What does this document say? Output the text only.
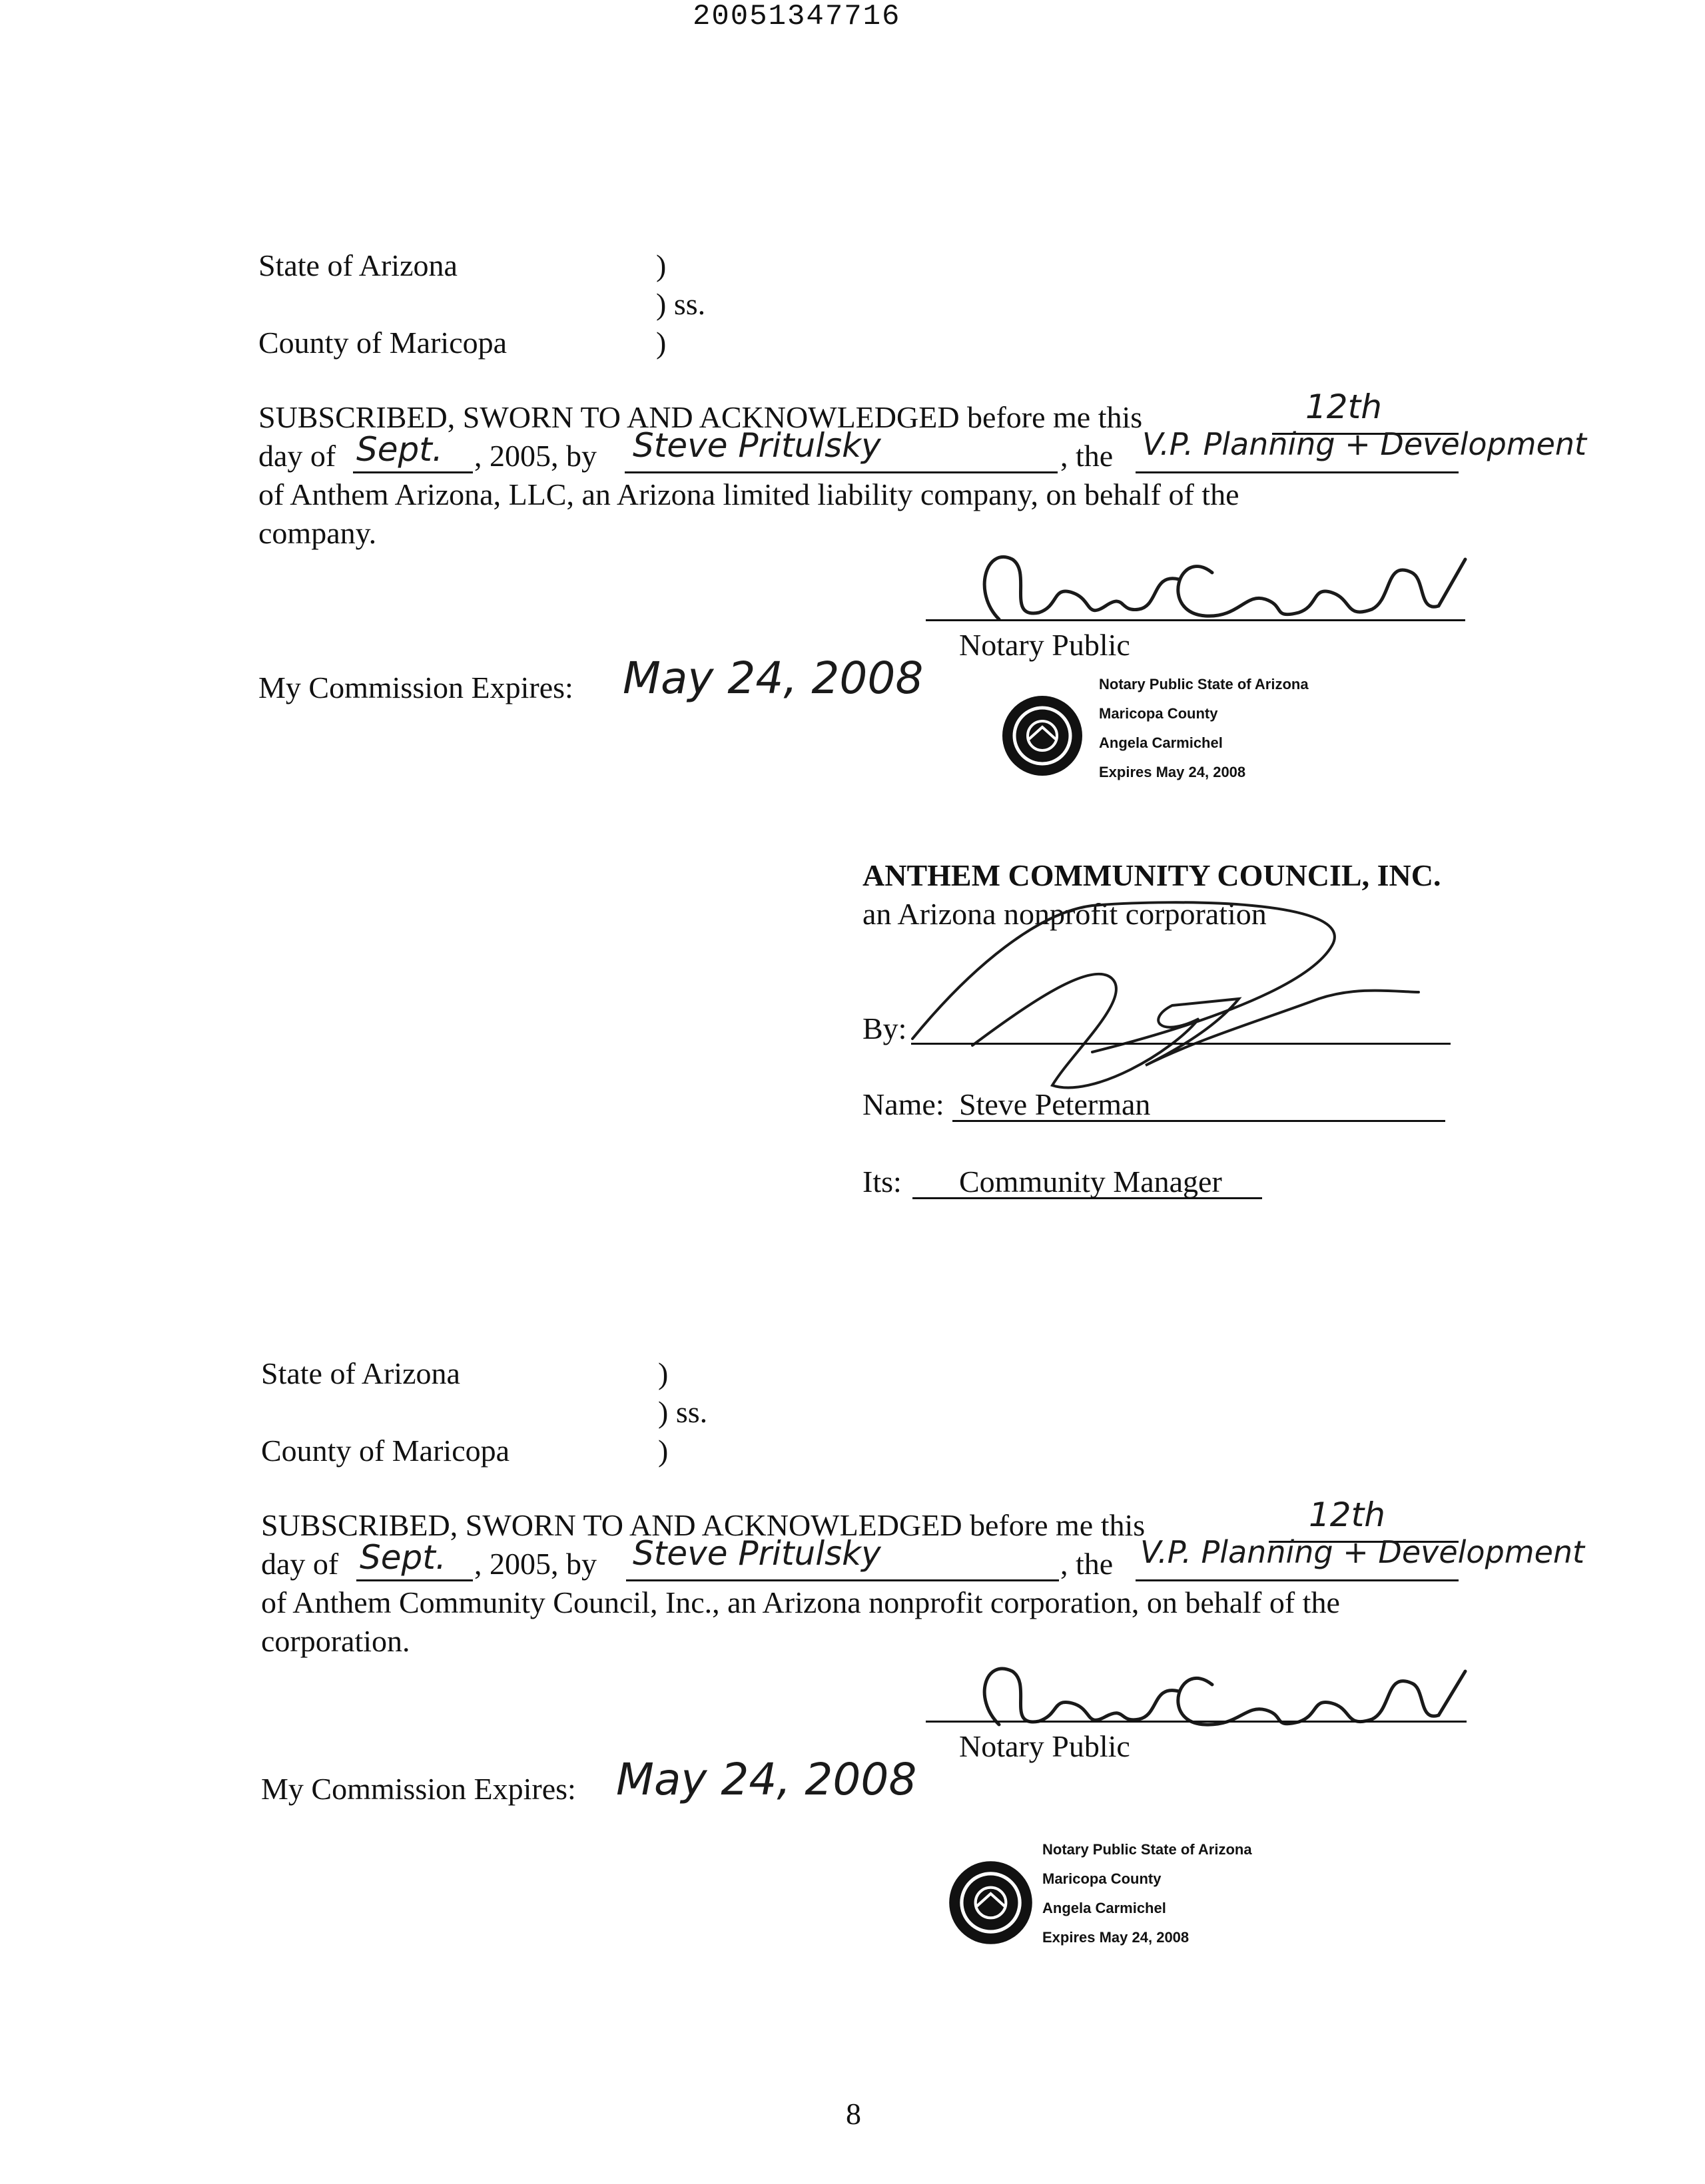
20051347716
State of Arizona	)
) ss.
County of Maricopa	)
SUBSCRIBED, SWORN TO AND ACKNOWLEDGED before me this	12th
day of Sept. , 2005, by Steve Pritulsky	, the V.P. Planning + Development
of Anthem Arizona, LLC, an Arizona limited liability company, on behalf of the
company.
Notary Public
My Commission Expires: May 24, 2008	Notary Public State of Arizona
Maricopa County
Angela Carmichel
Expires May 24, 2008
ANTHEM COMMUNITY COUNCIL, INC.
an Arizona nonprofit corporation
By:
Name: Steve Peterman
Its: Community Manager
State of Arizona	)
) ss.
County of Maricopa	)
SUBSCRIBED, SWORN TO AND ACKNOWLEDGED before me this	12th
day of Sept. , 2005, by Steve Pritulsky	, the V.P. Planning + Development
of Anthem Community Council, Inc., an Arizona nonprofit corporation, on behalf of the
corporation.
Notary Public
My Commission Expires: May 24, 2008
Notary Public State of Arizona
Maricopa County
Angela Carmichel
Expires May 24, 2008
8
